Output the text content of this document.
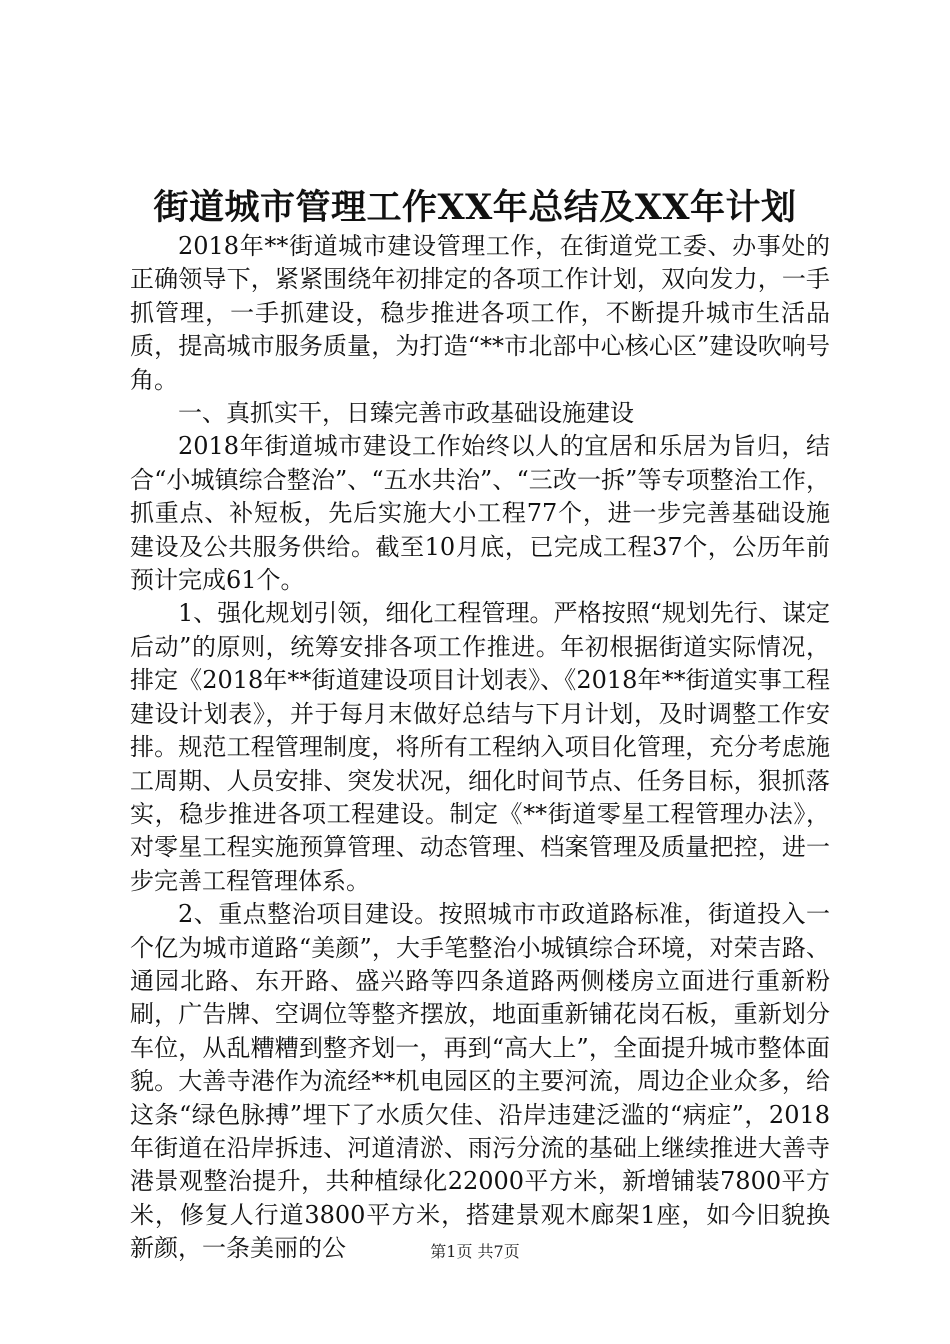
街道城市管理工作XX年总结及XX年计划

2018年**街道城市建设管理工作，在街道党工委、办事处的正确领导下，紧紧围绕年初排定的各项工作计划，双向发力，一手抓管理，一手抓建设，稳步推进各项工作，不断提升城市生活品质，提高城市服务质量，为打造“**市北部中心核心区”建设吹响号角。

一、真抓实干，日臻完善市政基础设施建设

2018年街道城市建设工作始终以人的宜居和乐居为旨归，结合“小城镇综合整治”、“五水共治”、“三改一拆”等专项整治工作，抓重点、补短板，先后实施大小工程77个，进一步完善基础设施建设及公共服务供给。截至10月底，已完成工程37个，公历年前预计完成61个。

1、强化规划引领，细化工程管理。严格按照“规划先行、谋定后动”的原则，统筹安排各项工作推进。年初根据街道实际情况，排定《2018年**街道建设项目计划表》、《2018年**街道实事工程建设计划表》，并于每月末做好总结与下月计划，及时调整工作安排。规范工程管理制度，将所有工程纳入项目化管理，充分考虑施工周期、人员安排、突发状况，细化时间节点、任务目标，狠抓落实，稳步推进各项工程建设。制定《**街道零星工程管理办法》，对零星工程实施预算管理、动态管理、档案管理及质量把控，进一步完善工程管理体系。

2、重点整治项目建设。按照城市市政道路标准，街道投入一个亿为城市道路“美颜”，大手笔整治小城镇综合环境，对荣吉路、通园北路、东开路、盛兴路等四条道路两侧楼房立面进行重新粉刷，广告牌、空调位等整齐摆放，地面重新铺花岗石板，重新划分车位，从乱糟糟到整齐划一，再到“高大上”，全面提升城市整体面貌。大善寺港作为流经**机电园区的主要河流，周边企业众多，给这条“绿色脉搏”埋下了水质欠佳、沿岸违建泛滥的“病症”，2018年街道在沿岸拆违、河道清淤、雨污分流的基础上继续推进大善寺港景观整治提升，共种植绿化22000平方米，新增铺装7800平方米，修复人行道3800平方米，搭建景观木廊架1座，如今旧貌换新颜，一条美丽的公	第1页 共7页
